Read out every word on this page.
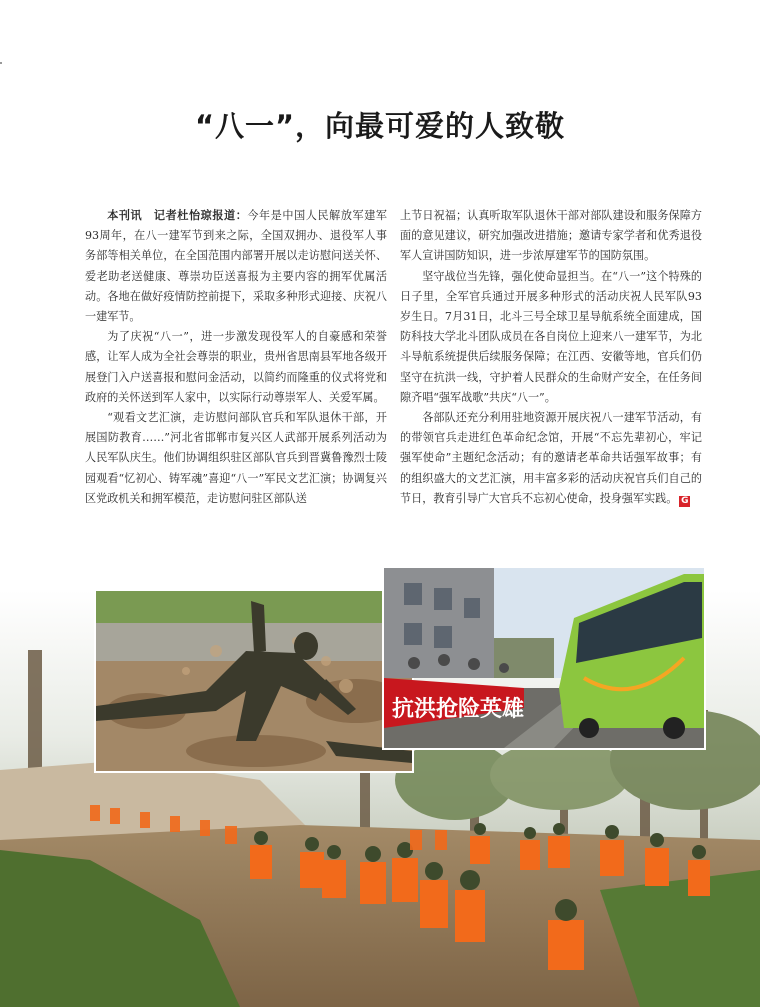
“八一”，向最可爱的人致敬

本刊讯　记者杜怡琼报道：今年是中国人民解放军建军93周年，在八一建军节到来之际，全国双拥办、退役军人事务部等相关单位，在全国范围内部署开展以走访慰问送关怀、爱老助老送健康、尊崇功臣送喜报为主要内容的拥军优属活动。各地在做好疫情防控前提下，采取多种形式迎接、庆祝八一建军节。

为了庆祝“八一”，进一步激发现役军人的自豪感和荣誉感，让军人成为全社会尊崇的职业，贵州省思南县军地各级开展登门入户送喜报和慰问金活动，以简约而隆重的仪式将党和政府的关怀送到军人家中，以实际行动尊崇军人、关爱军属。

“观看文艺汇演，走访慰问部队官兵和军队退休干部，开展国防教育……”河北省邯郸市复兴区人武部开展系列活动为人民军队庆生。他们协调组织驻区部队官兵到晋冀鲁豫烈士陵园观看“忆初心、铸军魂”喜迎“八一”军民文艺汇演；协调复兴区党政机关和拥军模范，走访慰问驻区部队送

上节日祝福；认真听取军队退休干部对部队建设和服务保障方面的意见建议，研究加强改进措施；邀请专家学者和优秀退役军人宣讲国防知识，进一步浓厚建军节的国防氛围。

坚守战位当先锋，强化使命显担当。在“八一”这个特殊的日子里，全军官兵通过开展多种形式的活动庆祝人民军队93岁生日。7月31日，北斗三号全球卫星导航系统全面建成，国防科技大学北斗团队成员在各自岗位上迎来八一建军节，为北斗导航系统提供后续服务保障；在江西、安徽等地，官兵们仍坚守在抗洪一线，守护着人民群众的生命财产安全，在任务间隙齐唱“强军战歌”共庆“八一”。

各部队还充分利用驻地资源开展庆祝八一建军节活动，有的带领官兵走进红色革命纪念馆，开展“不忘先辈初心，牢记强军使命”主题纪念活动；有的邀请老革命共话强军故事；有的组织盛大的文艺汇演，用丰富多彩的活动庆祝官兵们自己的节日，教育引导广大官兵不忘初心使命，投身强军实践。 G

抗洪抢险英雄
